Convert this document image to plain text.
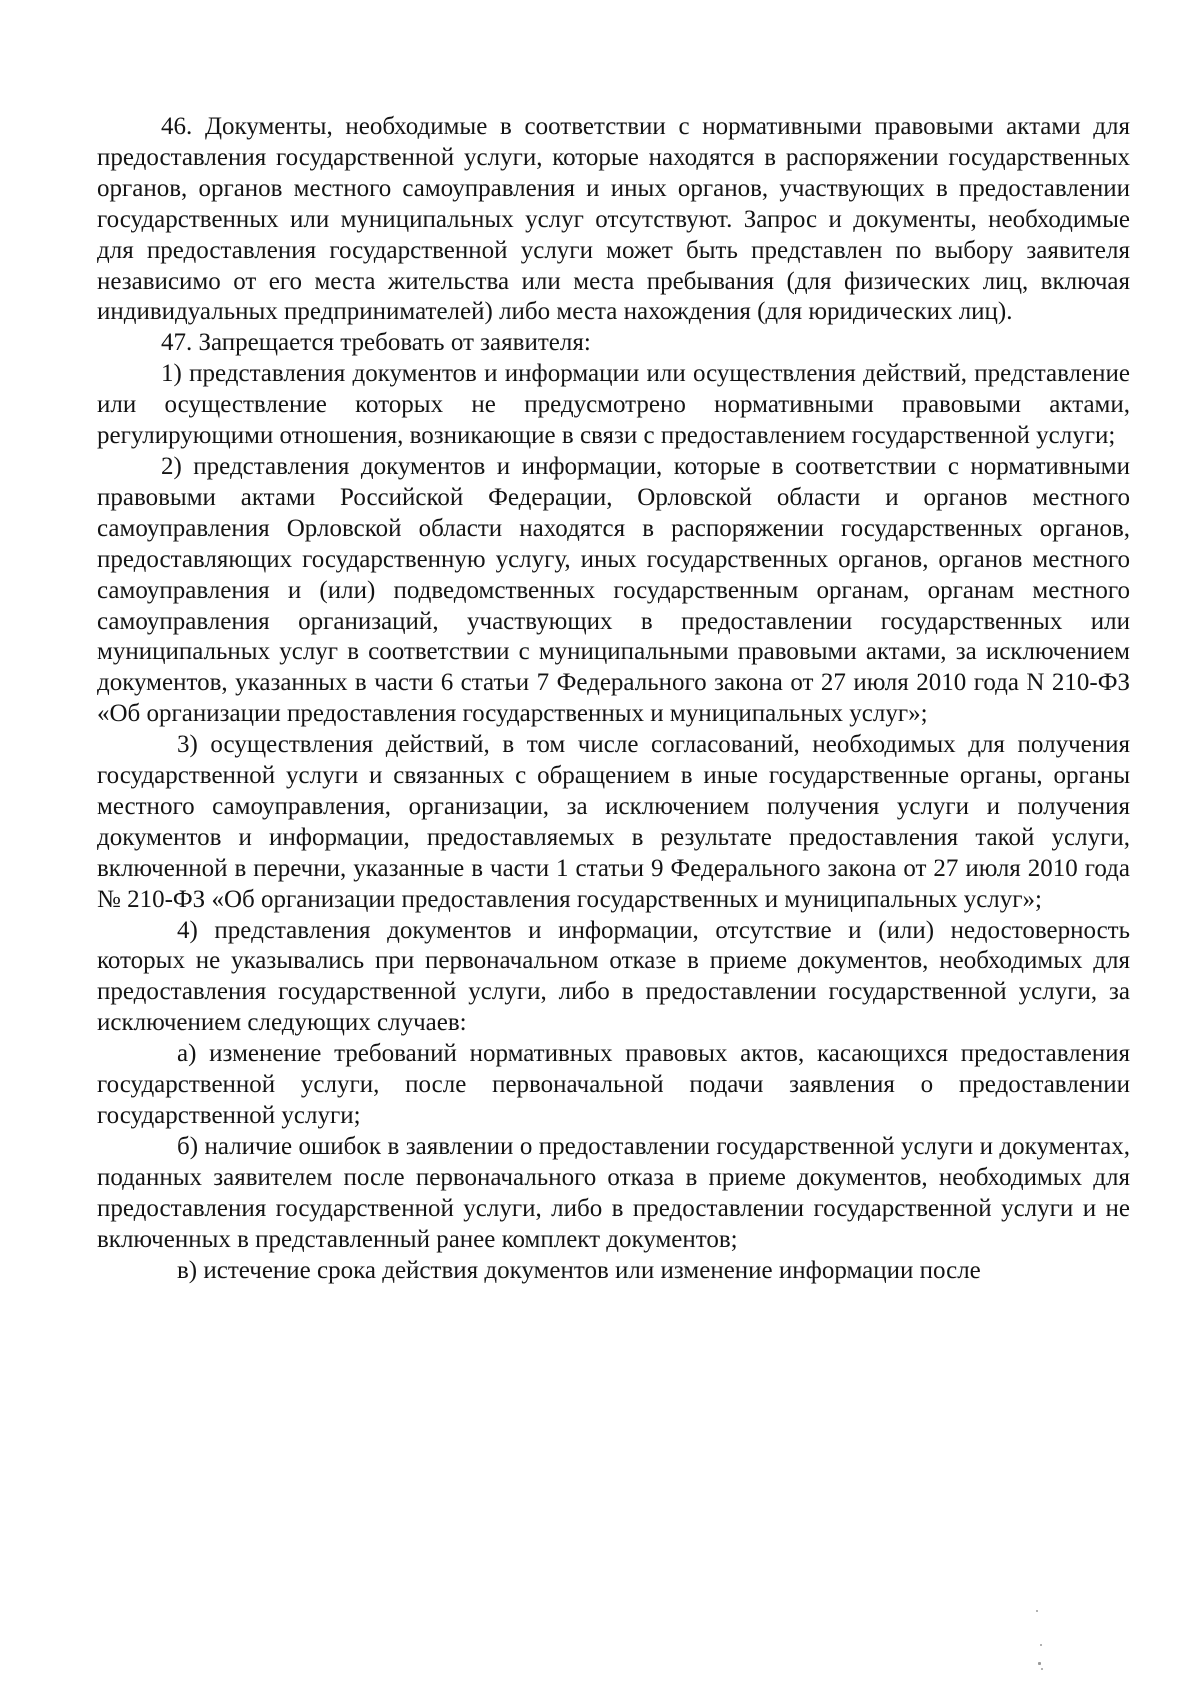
46. Документы, необходимые в соответствии с нормативными правовыми актами для предоставления государственной услуги, которые находятся в распоряжении государственных органов, органов местного самоуправления и иных органов, участвующих в предоставлении государственных или муниципальных услуг отсутствуют. Запрос и документы, необходимые для предоставления государственной услуги может быть представлен по выбору заявителя независимо от его места жительства или места пребывания (для физических лиц, включая индивидуальных предпринимателей) либо места нахождения (для юридических лиц).

47. Запрещается требовать от заявителя:

1) представления документов и информации или осуществления действий, представление или осуществление которых не предусмотрено нормативными правовыми актами, регулирующими отношения, возникающие в связи с предоставлением государственной услуги;

2) представления документов и информации, которые в соответствии с нормативными правовыми актами Российской Федерации, Орловской области и органов местного самоуправления Орловской области находятся в распоряжении государственных органов, предоставляющих государственную услугу, иных государственных органов, органов местного самоуправления и (или) подведомственных государственным органам, органам местного самоуправления организаций, участвующих в предоставлении государственных или муниципальных услуг в соответствии с муниципальными правовыми актами, за исключением документов, указанных в части 6 статьи 7 Федерального закона от 27 июля 2010 года N 210-ФЗ «Об организации предоставления государственных и муниципальных услуг»;

3) осуществления действий, в том числе согласований, необходимых для получения государственной услуги и связанных с обращением в иные государственные органы, органы местного самоуправления, организации, за исключением получения услуги и получения документов и информации, предоставляемых в результате предоставления такой услуги, включенной в перечни, указанные в части 1 статьи 9 Федерального закона от 27 июля 2010 года № 210-ФЗ «Об организации предоставления государственных и муниципальных услуг»;

4) представления документов и информации, отсутствие и (или) недостоверность которых не указывались при первоначальном отказе в приеме документов, необходимых для предоставления государственной услуги, либо в предоставлении государственной услуги, за исключением следующих случаев:

а) изменение требований нормативных правовых актов, касающихся предоставления государственной услуги, после первоначальной подачи заявления о предоставлении государственной услуги;

б) наличие ошибок в заявлении о предоставлении государственной услуги и документах, поданных заявителем после первоначального отказа в приеме документов, необходимых для предоставления государственной услуги, либо в предоставлении государственной услуги и не включенных в представленный ранее комплект документов;

в) истечение срока действия документов или изменение информации после
